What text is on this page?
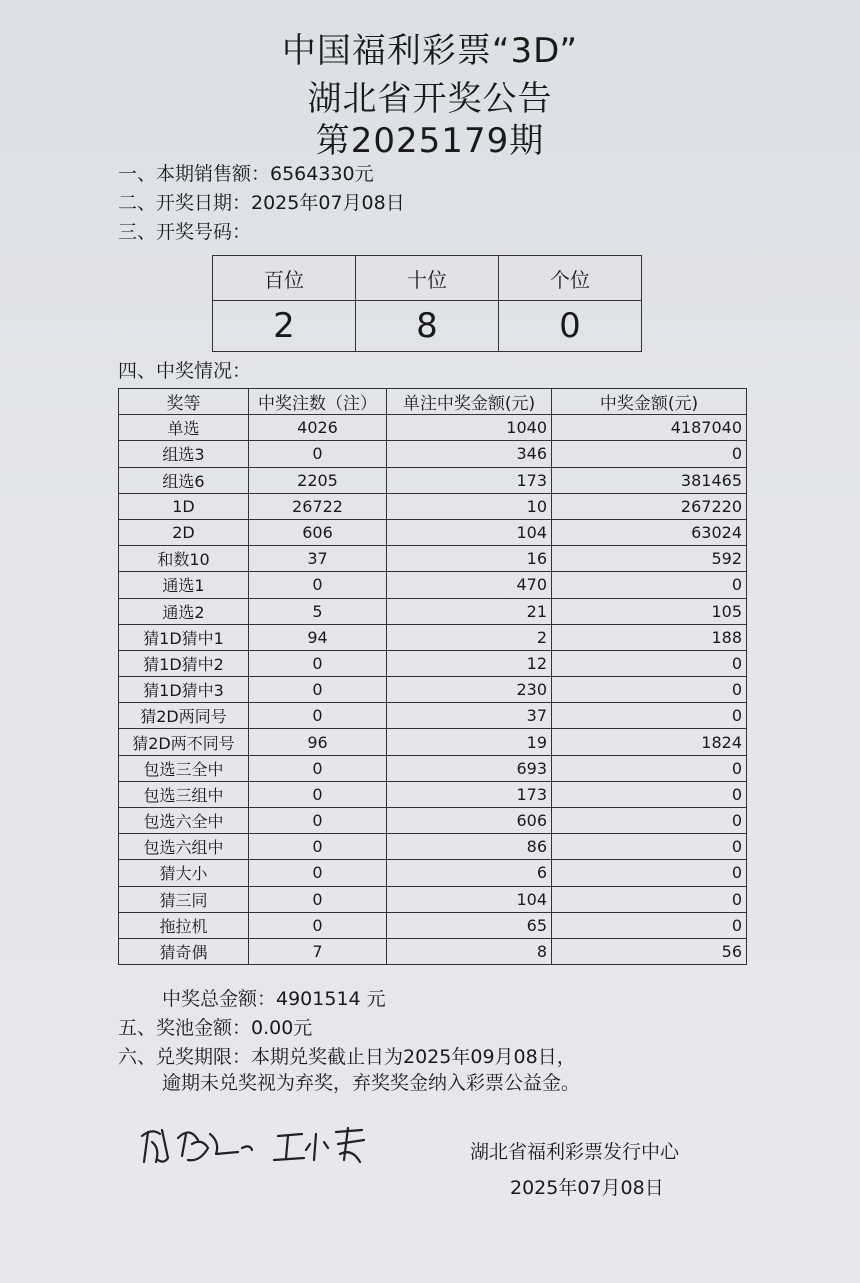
中国福利彩票“3D”
湖北省开奖公告
第2025179期
一、本期销售额：6564330元
二、开奖日期：2025年07月08日
三、开奖号码：
百位	十位	个位
2	8	0
四、中奖情况：
奖等	中奖注数（注）	单注中奖金额(元)	中奖金额(元)
单选	4026	1040	4187040
组选3	0	346	0
组选6	2205	173	381465
1D	26722	10	267220
2D	606	104	63024
和数10	37	16	592
通选1	0	470	0
通选2	5	21	105
猜1D猜中1	94	2	188
猜1D猜中2	0	12	0
猜1D猜中3	0	230	0
猜2D两同号	0	37	0
猜2D两不同号	96	19	1824
包选三全中	0	693	0
包选三组中	0	173	0
包选六全中	0	606	0
包选六组中	0	86	0
猜大小	0	6	0
猜三同	0	104	0
拖拉机	0	65	0
猜奇偶	7	8	56
中奖总金额：4901514 元
五、奖池金额：0.00元
六、兑奖期限：本期兑奖截止日为2025年09月08日，
逾期未兑奖视为弃奖，弃奖奖金纳入彩票公益金。
湖北省福利彩票发行中心
2025年07月08日
